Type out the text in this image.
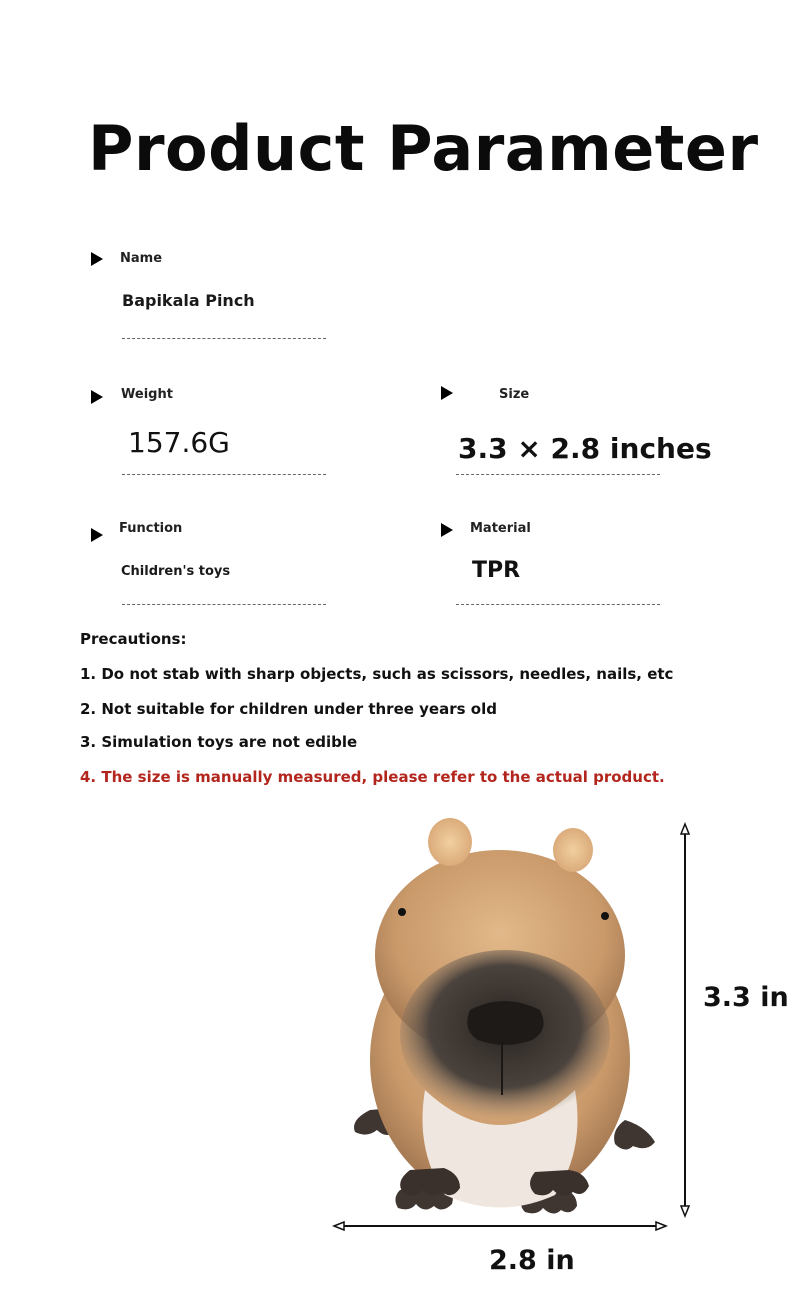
Product Parameter
Name
Bapikala Pinch
Weight
157.6G
Size
3.3 × 2.8 inches
Function
Children's toys
Material
TPR
Precautions:
1. Do not stab with sharp objects, such as scissors, needles, nails, etc
2. Not suitable for children under three years old
3. Simulation toys are not edible
4. The size is manually measured, please refer to the actual product.
3.3 in
2.8 in
